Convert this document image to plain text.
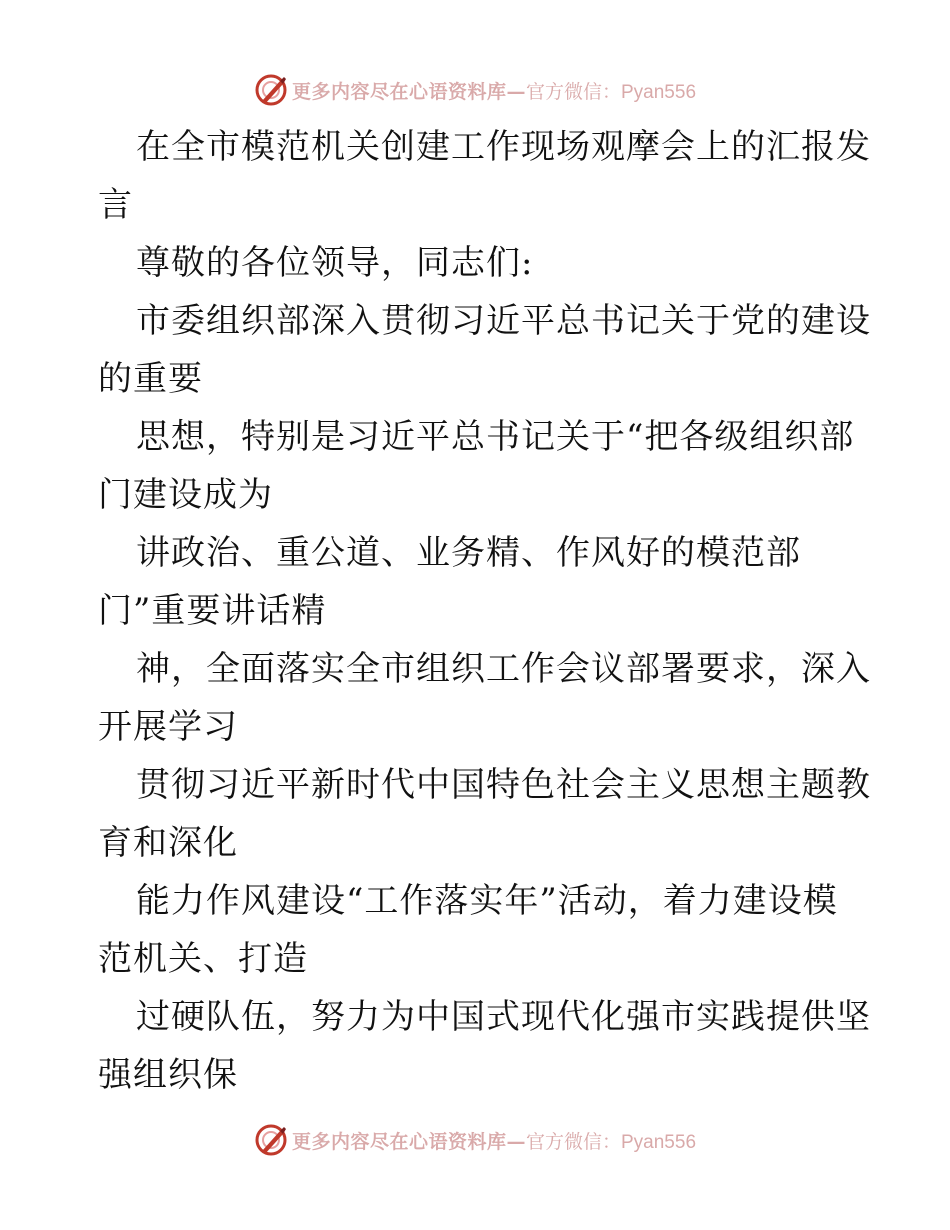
更多内容尽在心语资料库— 官方微信：Pyan556
在全市模范机关创建工作现场观摩会上的汇报发
言
尊敬的各位领导，同志们:
市委组织部深入贯彻习近平总书记关于党的建设
的重要
思想，特别是习近平总书记关于“把各级组织部
门建设成为
讲政治、重公道、业务精、作风好的模范部
门”重要讲话精
神，全面落实全市组织工作会议部署要求，深入
开展学习
贯彻习近平新时代中国特色社会主义思想主题教
育和深化
能力作风建设“工作落实年”活动，着力建设模
范机关、打造
过硬队伍，努力为中国式现代化强市实践提供坚
强组织保
更多内容尽在心语资料库— 官方微信：Pyan556
